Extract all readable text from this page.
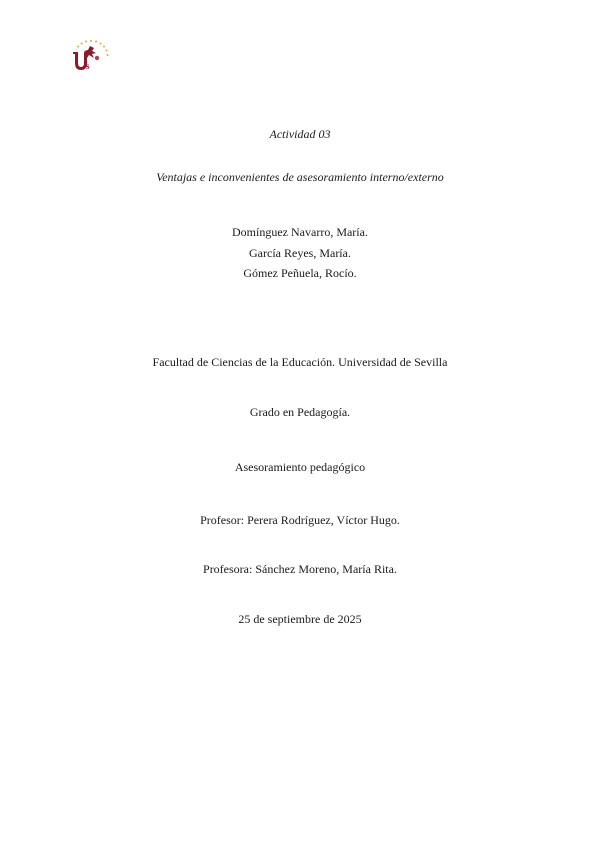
s
Actividad 03
Ventajas e inconvenientes de asesoramiento interno/externo
Domínguez Navarro, María.
García Reyes, María.
Gómez Peñuela, Rocío.
Facultad de Ciencias de la Educación. Universidad de Sevilla
Grado en Pedagogía.
Asesoramiento pedagógico
Profesor: Perera Rodríguez, Víctor Hugo.
Profesora: Sánchez Moreno, María Rita.
25 de septiembre de 2025
